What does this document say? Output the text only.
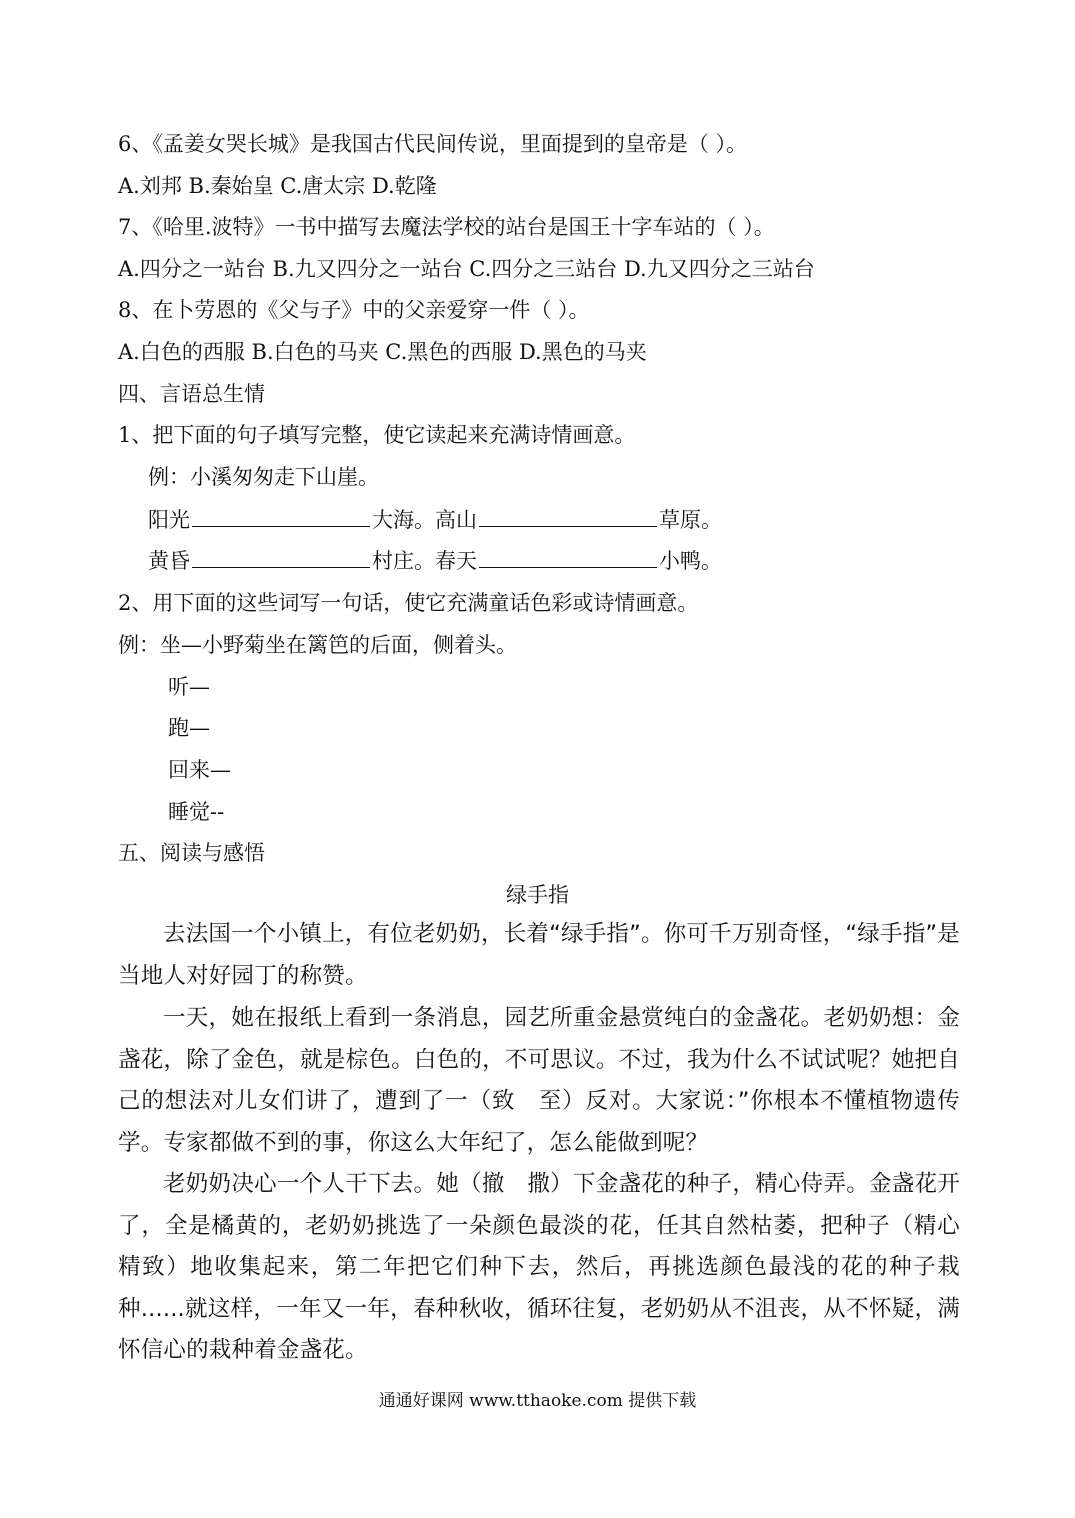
6、《孟姜女哭长城》是我国古代民间传说，里面提到的皇帝是（ ）。
A.刘邦 B.秦始皇 C.唐太宗 D.乾隆
7、《哈里.波特》一书中描写去魔法学校的站台是国王十字车站的（ ）。
A.四分之一站台 B.九又四分之一站台 C.四分之三站台 D.九又四分之三站台
8、在卜劳恩的《父与子》中的父亲爱穿一件（ ）。
A.白色的西服 B.白色的马夹 C.黑色的西服 D.黑色的马夹
四、言语总生情
1、把下面的句子填写完整，使它读起来充满诗情画意。
例：小溪匆匆走下山崖。
阳光	大海。高山	草原。
黄昏	村庄。春天	小鸭。
2、用下面的这些词写一句话，使它充满童话色彩或诗情画意。
例：坐—小野菊坐在篱笆的后面，侧着头。
听—
跑—
回来—
睡觉--
五、阅读与感悟
绿手指
去法国一个小镇上，有位老奶奶，长着“绿手指”。你可千万别奇怪，“绿手指”是当地人对好园丁的称赞。
一天，她在报纸上看到一条消息，园艺所重金悬赏纯白的金盏花。老奶奶想：金盏花，除了金色，就是棕色。白色的，不可思议。不过，我为什么不试试呢？她把自己的想法对儿女们讲了，遭到了一（致　至）反对。大家说：”你根本不懂植物遗传学。专家都做不到的事，你这么大年纪了，怎么能做到呢？
老奶奶决心一个人干下去。她（撤　撒）下金盏花的种子，精心侍弄。金盏花开了，全是橘黄的，老奶奶挑选了一朵颜色最淡的花，任其自然枯萎，把种子（精心　精致）地收集起来，第二年把它们种下去，然后，再挑选颜色最浅的花的种子栽种......就这样，一年又一年，春种秋收，循环往复，老奶奶从不沮丧，从不怀疑，满怀信心的栽种着金盏花。
通通好课网 www.tthaoke.com 提供下载
